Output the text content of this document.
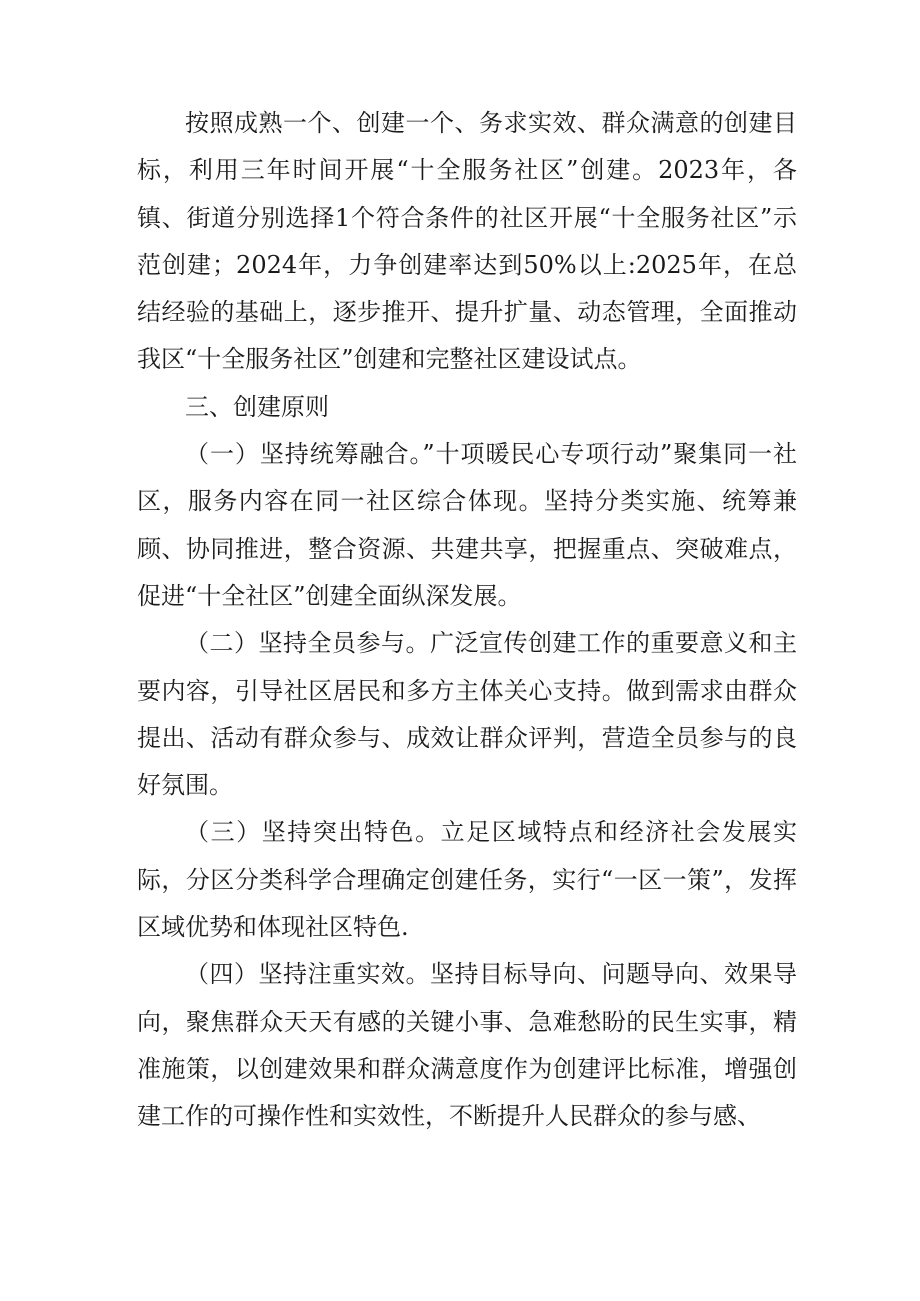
按照成熟一个、创建一个、务求实效、群众满意的创建目标，利用三年时间开展“十全服务社区”创建。2023年，各镇、街道分别选择1个符合条件的社区开展“十全服务社区”示范创建；2024年，力争创建率达到50%以上:2025年，在总结经验的基础上，逐步推开、提升扩量、动态管理，全面推动我区“十全服务社区”创建和完整社区建设试点。

三、创建原则

（一）坚持统筹融合。”十项暖民心专项行动”聚集同一社区，服务内容在同一社区综合体现。坚持分类实施、统筹兼顾、协同推进，整合资源、共建共享，把握重点、突破难点，促进“十全社区”创建全面纵深发展。

（二）坚持全员参与。广泛宣传创建工作的重要意义和主要内容，引导社区居民和多方主体关心支持。做到需求由群众提出、活动有群众参与、成效让群众评判，营造全员参与的良好氛围。

（三）坚持突出特色。立足区域特点和经济社会发展实际，分区分类科学合理确定创建任务，实行“一区一策”，发挥区域优势和体现社区特色.

（四）坚持注重实效。坚持目标导向、问题导向、效果导向，聚焦群众天天有感的关键小事、急难愁盼的民生实事，精准施策，以创建效果和群众满意度作为创建评比标准，增强创建工作的可操作性和实效性，不断提升人民群众的参与感、
